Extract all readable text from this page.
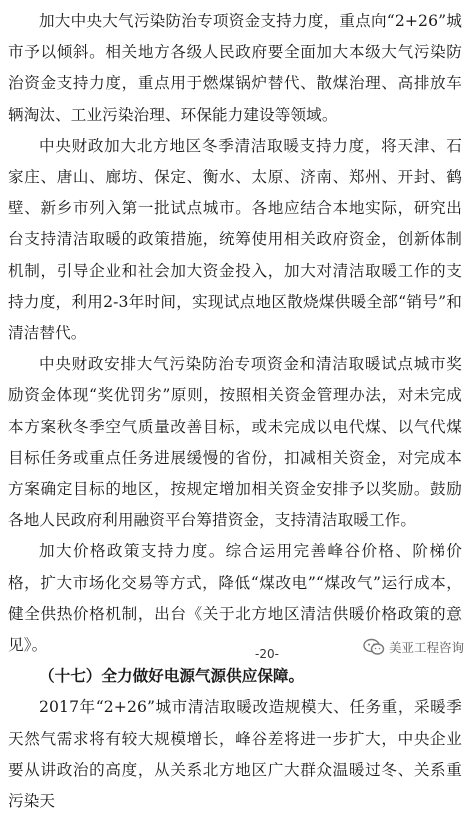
加大中央大气污染防治专项资金支持力度，重点向“2+26”城市予以倾斜。相关地方各级人民政府要全面加大本级大气污染防治资金支持力度，重点用于燃煤锅炉替代、散煤治理、高排放车辆淘汰、工业污染治理、环保能力建设等领域。

中央财政加大北方地区冬季清洁取暖支持力度，将天津、石家庄、唐山、廊坊、保定、衡水、太原、济南、郑州、开封、鹤壁、新乡市列入第一批试点城市。各地应结合本地实际，研究出台支持清洁取暖的政策措施，统筹使用相关政府资金，创新体制机制，引导企业和社会加大资金投入，加大对清洁取暖工作的支持力度，利用2-3年时间，实现试点地区散烧煤供暖全部“销号”和清洁替代。

中央财政安排大气污染防治专项资金和清洁取暖试点城市奖励资金体现“奖优罚劣”原则，按照相关资金管理办法，对未完成本方案秋冬季空气质量改善目标，或未完成以电代煤、以气代煤目标任务或重点任务进展缓慢的省份，扣减相关资金，对完成本方案确定目标的地区，按规定增加相关资金安排予以奖励。鼓励各地人民政府利用融资平台筹措资金，支持清洁取暖工作。

加大价格政策支持力度。综合运用完善峰谷价格、阶梯价格，扩大市场化交易等方式，降低“煤改电”“煤改气”运行成本，健全供热价格机制，出台《关于北方地区清洁供暖价格政策的意见》。

（十七）全力做好电源气源供应保障。

2017年“2+26”城市清洁取暖改造规模大、任务重，采暖季天然气需求将有较大规模增长，峰谷差将进一步扩大，中央企业要从讲政治的高度，从关系北方地区广大群众温暖过冬、关系重污染天

-20-	美亚工程咨询
